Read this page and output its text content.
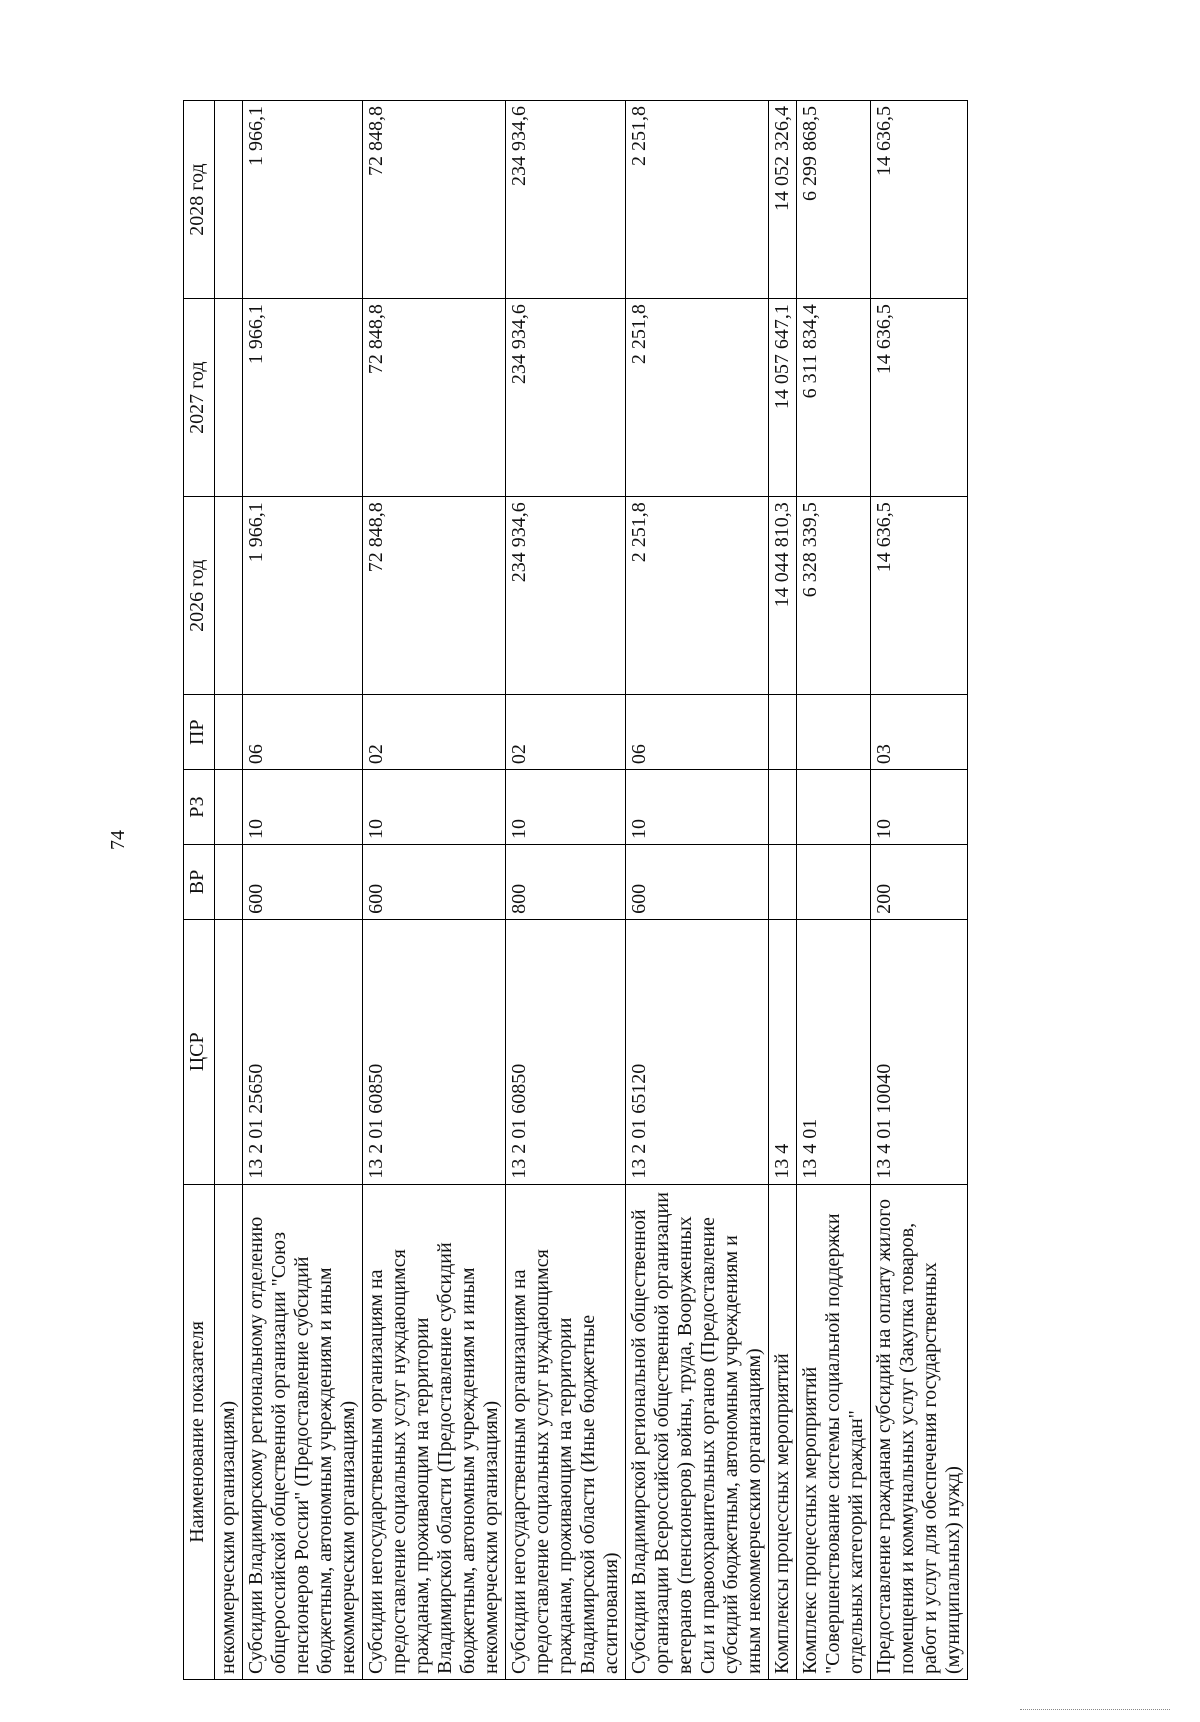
74
Наименование показателя	ЦСР	ВР	РЗ	ПР	2026 год	2027 год	2028 год
некоммерческим организациям)							
Субсидии Владимирскому региональному отделению общероссийской общественной организации "Союз пенсионеров России" (Предоставление субсидий бюджетным, автономным учреждениям и иным некоммерческим организациям)	13 2 01 25650	600	10	06	1 966,1	1 966,1	1 966,1
Субсидии негосударственным организациям на предоставление социальных услуг нуждающимся гражданам, проживающим на территории Владимирской области (Предоставление субсидий бюджетным, автономным учреждениям и иным некоммерческим организациям)	13 2 01 60850	600	10	02	72 848,8	72 848,8	72 848,8
Субсидии негосударственным организациям на предоставление социальных услуг нуждающимся гражданам, проживающим на территории Владимирской области (Иные бюджетные ассигнования)	13 2 01 60850	800	10	02	234 934,6	234 934,6	234 934,6
Субсидии Владимирской региональной общественной организации Всероссийской общественной организации ветеранов (пенсионеров) войны, труда, Вооруженных Сил и правоохранительных органов (Предоставление субсидий бюджетным, автономным учреждениям и иным некоммерческим организациям)	13 2 01 65120	600	10	06	2 251,8	2 251,8	2 251,8
Комплексы процессных мероприятий	13 4				14 044 810,3	14 057 647,1	14 052 326,4
Комплекс процессных мероприятий "Совершенствование системы социальной поддержки отдельных категорий граждан"	13 4 01				6 328 339,5	6 311 834,4	6 299 868,5
Предоставление гражданам субсидий на оплату жилого помещения и коммунальных услуг (Закупка товаров, работ и услуг для обеспечения государственных (муниципальных) нужд)	13 4 01 10040	200	10	03	14 636,5	14 636,5	14 636,5
